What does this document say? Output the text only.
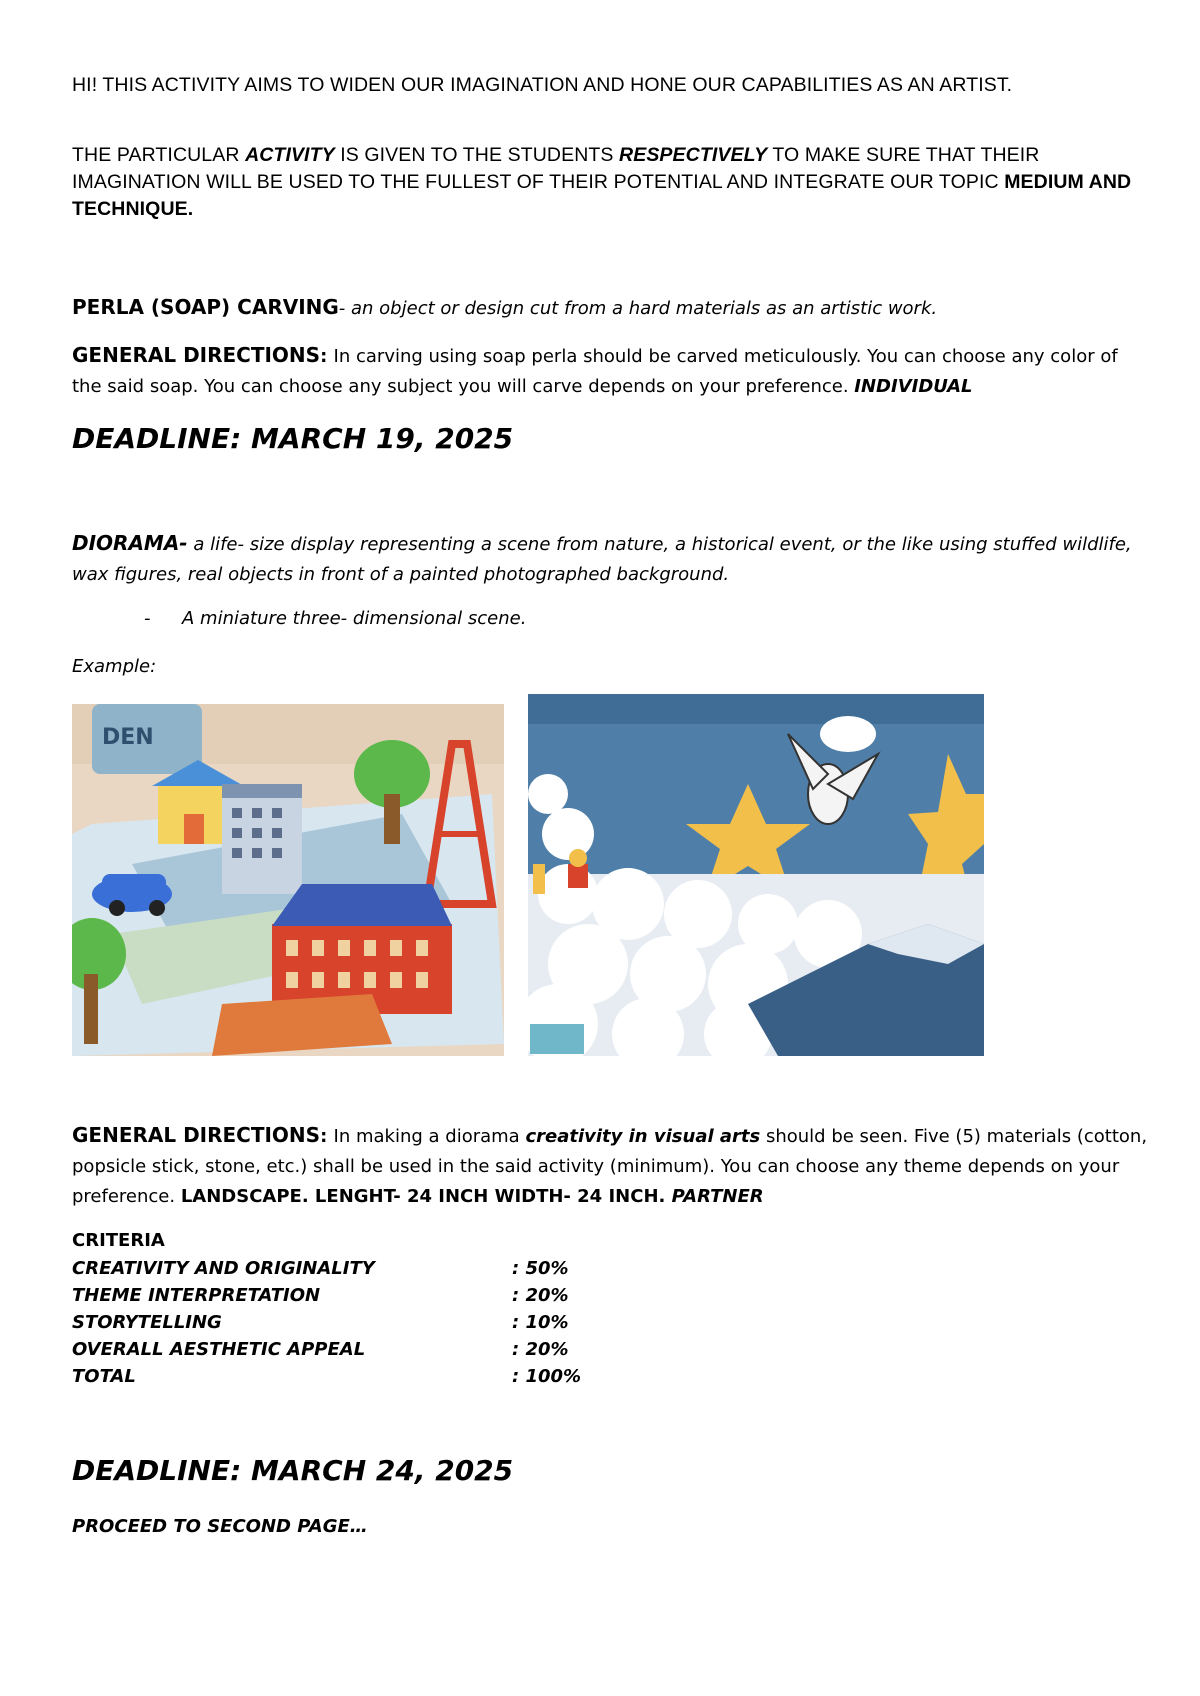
HI! THIS ACTIVITY AIMS TO WIDEN OUR IMAGINATION AND HONE OUR CAPABILITIES AS AN ARTIST.
THE PARTICULAR ACTIVITY IS GIVEN TO THE STUDENTS RESPECTIVELY TO MAKE SURE THAT THEIR IMAGINATION WILL BE USED TO THE FULLEST OF THEIR POTENTIAL AND INTEGRATE OUR TOPIC MEDIUM AND TECHNIQUE.
PERLA (SOAP) CARVING- an object or design cut from a hard materials as an artistic work.
GENERAL DIRECTIONS: In carving using soap perla should be carved meticulously. You can choose any color of the said soap. You can choose any subject you will carve depends on your preference. INDIVIDUAL
DEADLINE: MARCH 19, 2025
DIORAMA- a life- size display representing a scene from nature, a historical event, or the like using stuffed wildlife, wax figures, real objects in front of a painted photographed background.
- A miniature three- dimensional scene.
Example:
DEN
GENERAL DIRECTIONS: In making a diorama creativity in visual arts should be seen. Five (5) materials (cotton, popsicle stick, stone, etc.) shall be used in the said activity (minimum). You can choose any theme depends on your preference. LANDSCAPE. LENGHT- 24 INCH WIDTH- 24 INCH. PARTNER
CRITERIA
CREATIVITY AND ORIGINALITY	: 50%
THEME INTERPRETATION	: 20%
STORYTELLING	: 10%
OVERALL AESTHETIC APPEAL	: 20%
TOTAL	: 100%
DEADLINE: MARCH 24, 2025
PROCEED TO SECOND PAGE…
